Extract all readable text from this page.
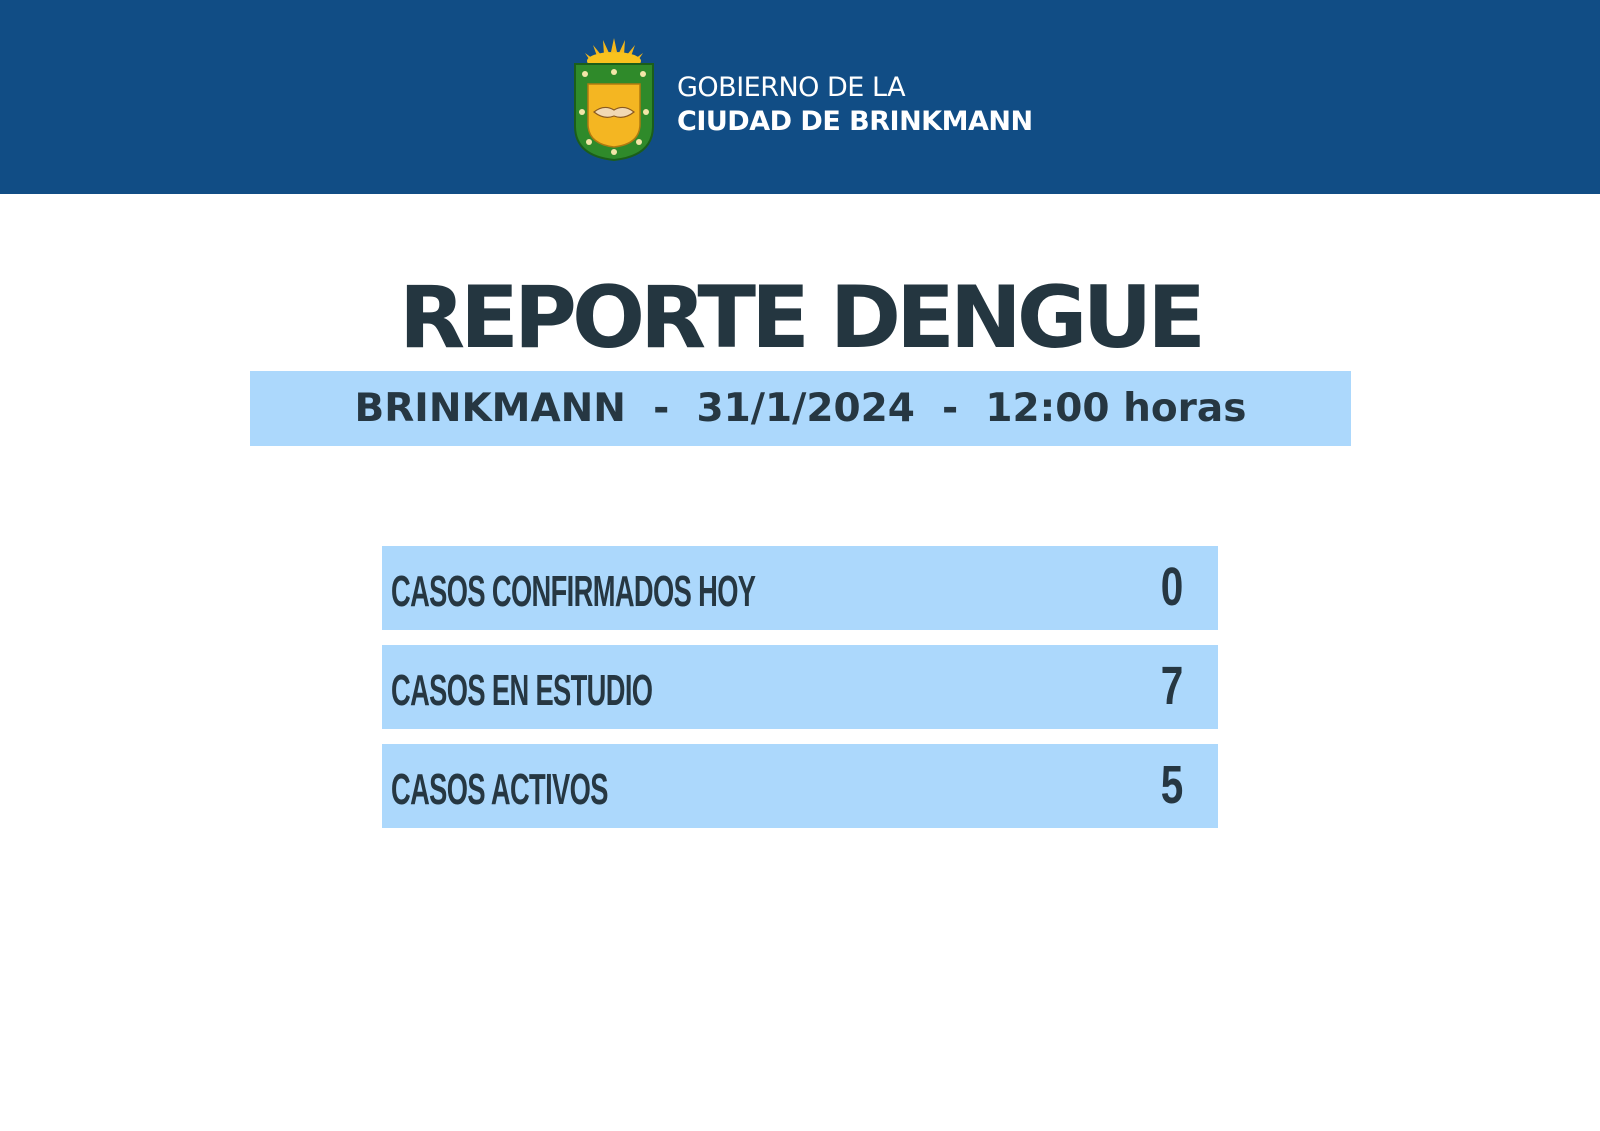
GOBIERNO DE LA
CIUDAD DE BRINKMANN
REPORTE DENGUE
BRINKMANN  -  31/1/2024  -  12:00 horas
CASOS CONFIRMADOS HOY	0
CASOS EN ESTUDIO	7
CASOS ACTIVOS	5
